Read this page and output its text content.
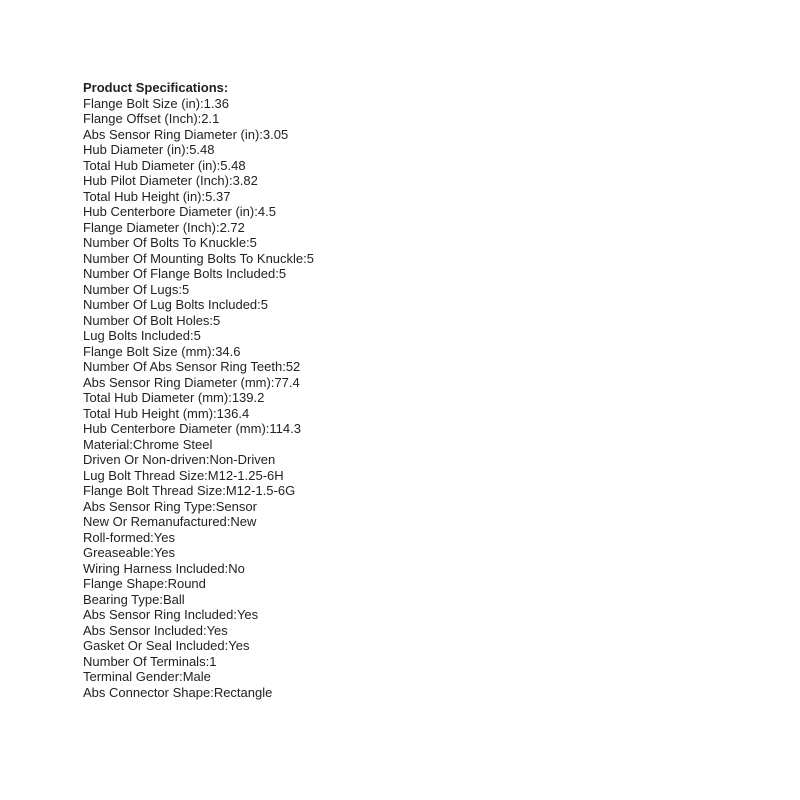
Product Specifications:
Flange Bolt Size (in):1.36
Flange Offset (Inch):2.1
Abs Sensor Ring Diameter (in):3.05
Hub Diameter (in):5.48
Total Hub Diameter (in):5.48
Hub Pilot Diameter (Inch):3.82
Total Hub Height (in):5.37
Hub Centerbore Diameter (in):4.5
Flange Diameter (Inch):2.72
Number Of Bolts To Knuckle:5
Number Of Mounting Bolts To Knuckle:5
Number Of Flange Bolts Included:5
Number Of Lugs:5
Number Of Lug Bolts Included:5
Number Of Bolt Holes:5
Lug Bolts Included:5
Flange Bolt Size (mm):34.6
Number Of Abs Sensor Ring Teeth:52
Abs Sensor Ring Diameter (mm):77.4
Total Hub Diameter (mm):139.2
Total Hub Height (mm):136.4
Hub Centerbore Diameter (mm):114.3
Material:Chrome Steel
Driven Or Non-driven:Non-Driven
Lug Bolt Thread Size:M12-1.25-6H
Flange Bolt Thread Size:M12-1.5-6G
Abs Sensor Ring Type:Sensor
New Or Remanufactured:New
Roll-formed:Yes
Greaseable:Yes
Wiring Harness Included:No
Flange Shape:Round
Bearing Type:Ball
Abs Sensor Ring Included:Yes
Abs Sensor Included:Yes
Gasket Or Seal Included:Yes
Number Of Terminals:1
Terminal Gender:Male
Abs Connector Shape:Rectangle
